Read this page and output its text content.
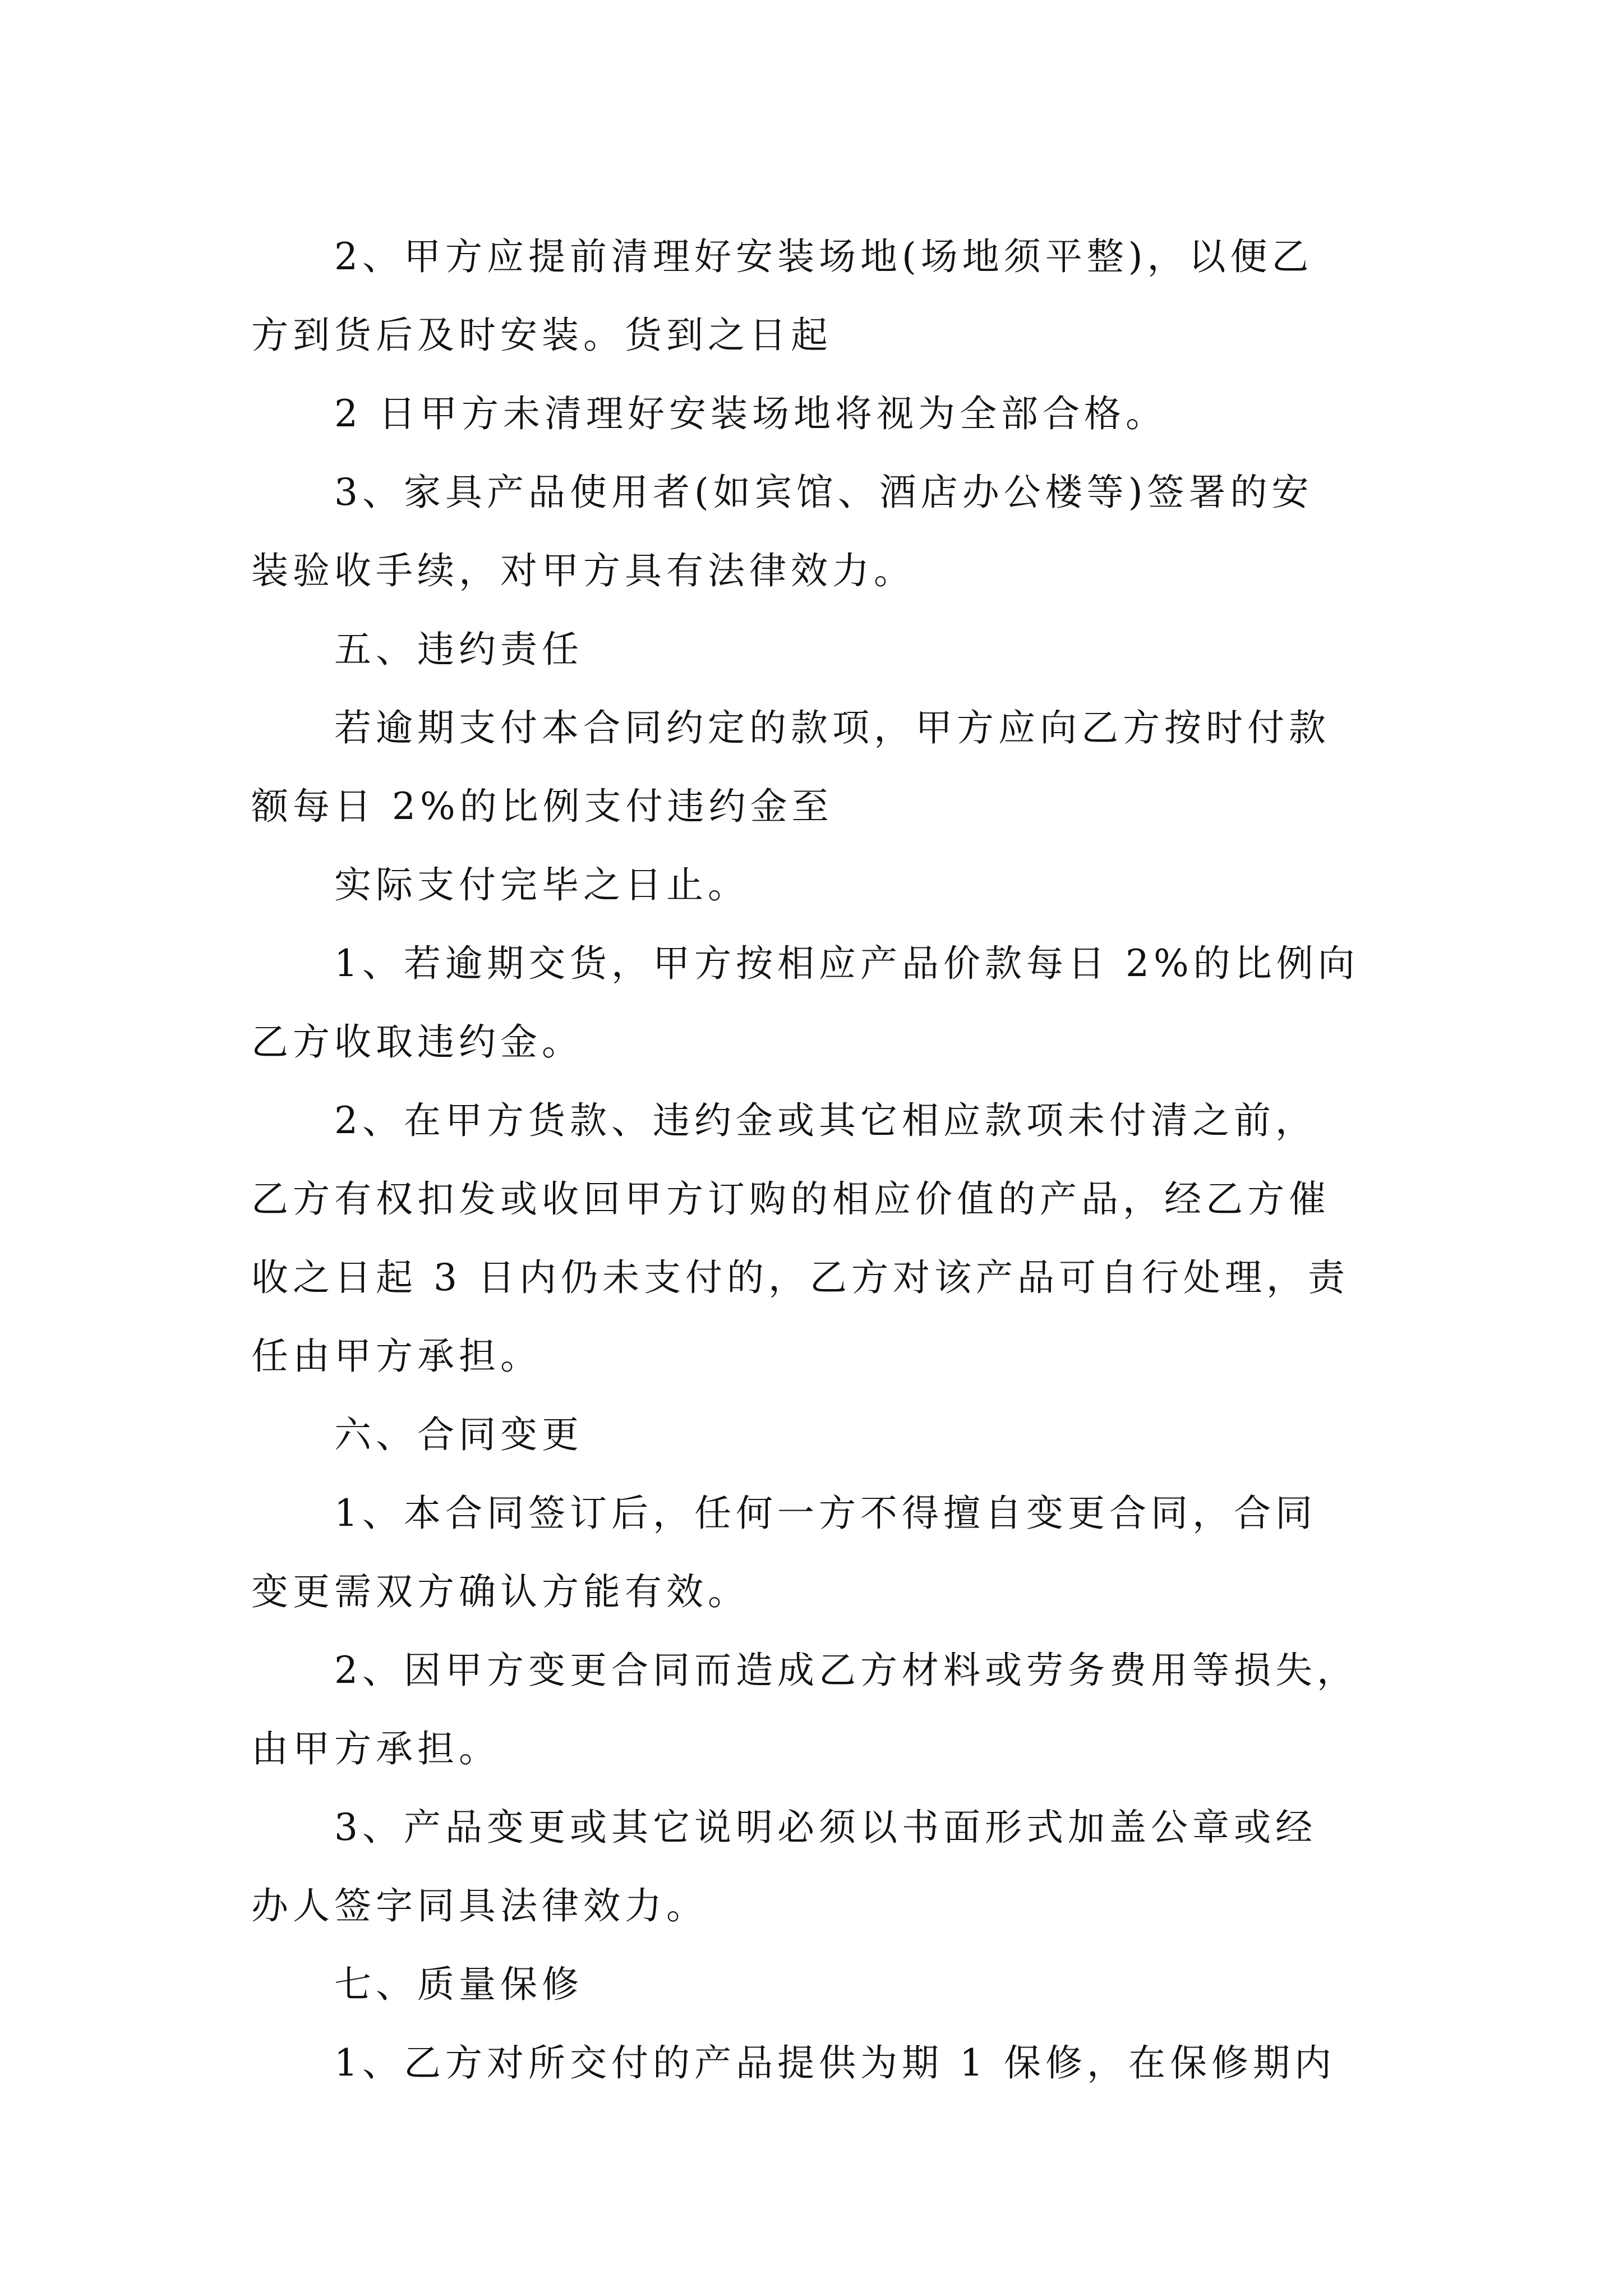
2、甲方应提前清理好安装场地(场地须平整)，以便乙

方到货后及时安装。货到之日起

2 日甲方未清理好安装场地将视为全部合格。

3、家具产品使用者(如宾馆、酒店办公楼等)签署的安

装验收手续，对甲方具有法律效力。

五、违约责任

若逾期支付本合同约定的款项，甲方应向乙方按时付款

额每日 2%的比例支付违约金至

实际支付完毕之日止。

1、若逾期交货，甲方按相应产品价款每日 2%的比例向

乙方收取违约金。

2、在甲方货款、违约金或其它相应款项未付清之前，

乙方有权扣发或收回甲方订购的相应价值的产品，经乙方催

收之日起 3 日内仍未支付的，乙方对该产品可自行处理，责

任由甲方承担。

六、合同变更

1、本合同签订后，任何一方不得擅自变更合同，合同

变更需双方确认方能有效。

2、因甲方变更合同而造成乙方材料或劳务费用等损失，

由甲方承担。

3、产品变更或其它说明必须以书面形式加盖公章或经

办人签字同具法律效力。

七、质量保修

1、乙方对所交付的产品提供为期 1 保修，在保修期内
